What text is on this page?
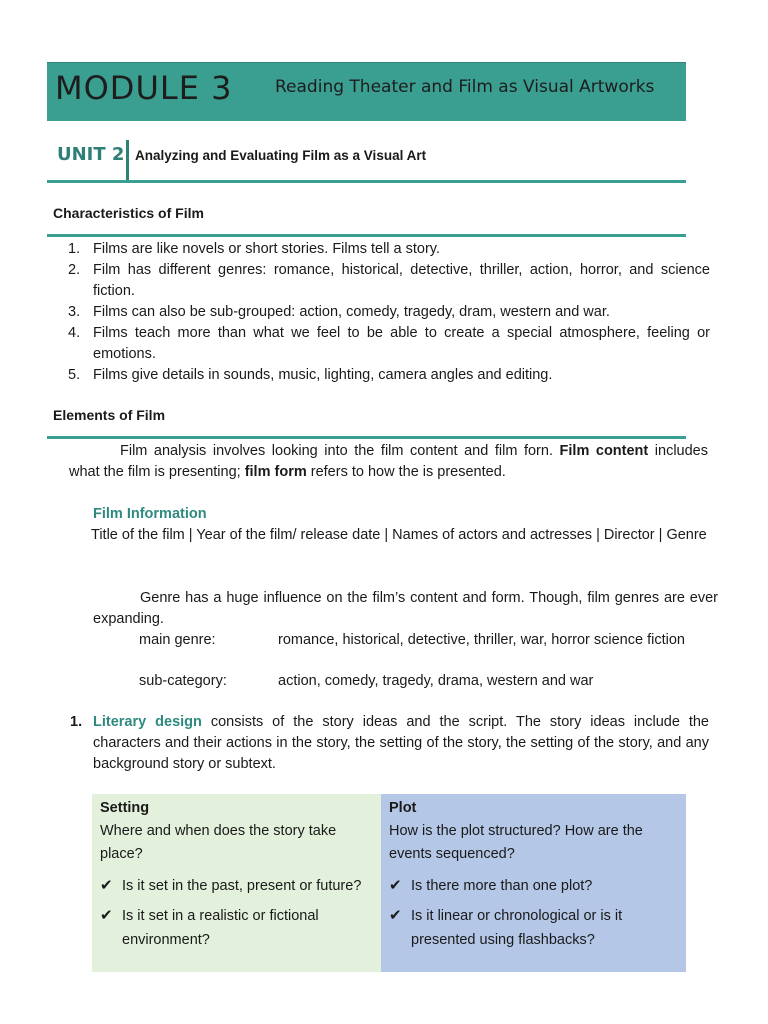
MODULE 3	Reading Theater and Film as Visual Artworks
UNIT 2 Analyzing and Evaluating Film as a Visual Art
Characteristics of Film
1. Films are like novels or short stories. Films tell a story.
2. Film has different genres: romance, historical, detective, thriller, action, horror, and science fiction.
3. Films can also be sub-grouped: action, comedy, tragedy, dram, western and war.
4. Films teach more than what we feel to be able to create a special atmosphere, feeling or emotions.
5. Films give details in sounds, music, lighting, camera angles and editing.
Elements of Film
Film analysis involves looking into the film content and film forn. Film content includes what the film is presenting; film form refers to how the is presented.
Film Information
Title of the film | Year of the film/ release date | Names of actors and actresses | Director | Genre
Genre has a huge influence on the film’s content and form. Though, film genres are ever expanding.
main genre:	romance, historical, detective, thriller, war, horror science fiction
sub-category:	action, comedy, tragedy, drama, western and war
1. Literary design consists of the story ideas and the script. The story ideas include the characters and their actions in the story, the setting of the story, the setting of the story, and any background story or subtext.
Setting
Where and when does the story take place?
✔ Is it set in the past, present or future?
✔ Is it set in a realistic or fictional environment?
Plot
How is the plot structured? How are the events sequenced?
✔ Is there more than one plot?
✔ Is it linear or chronological or is it presented using flashbacks?
